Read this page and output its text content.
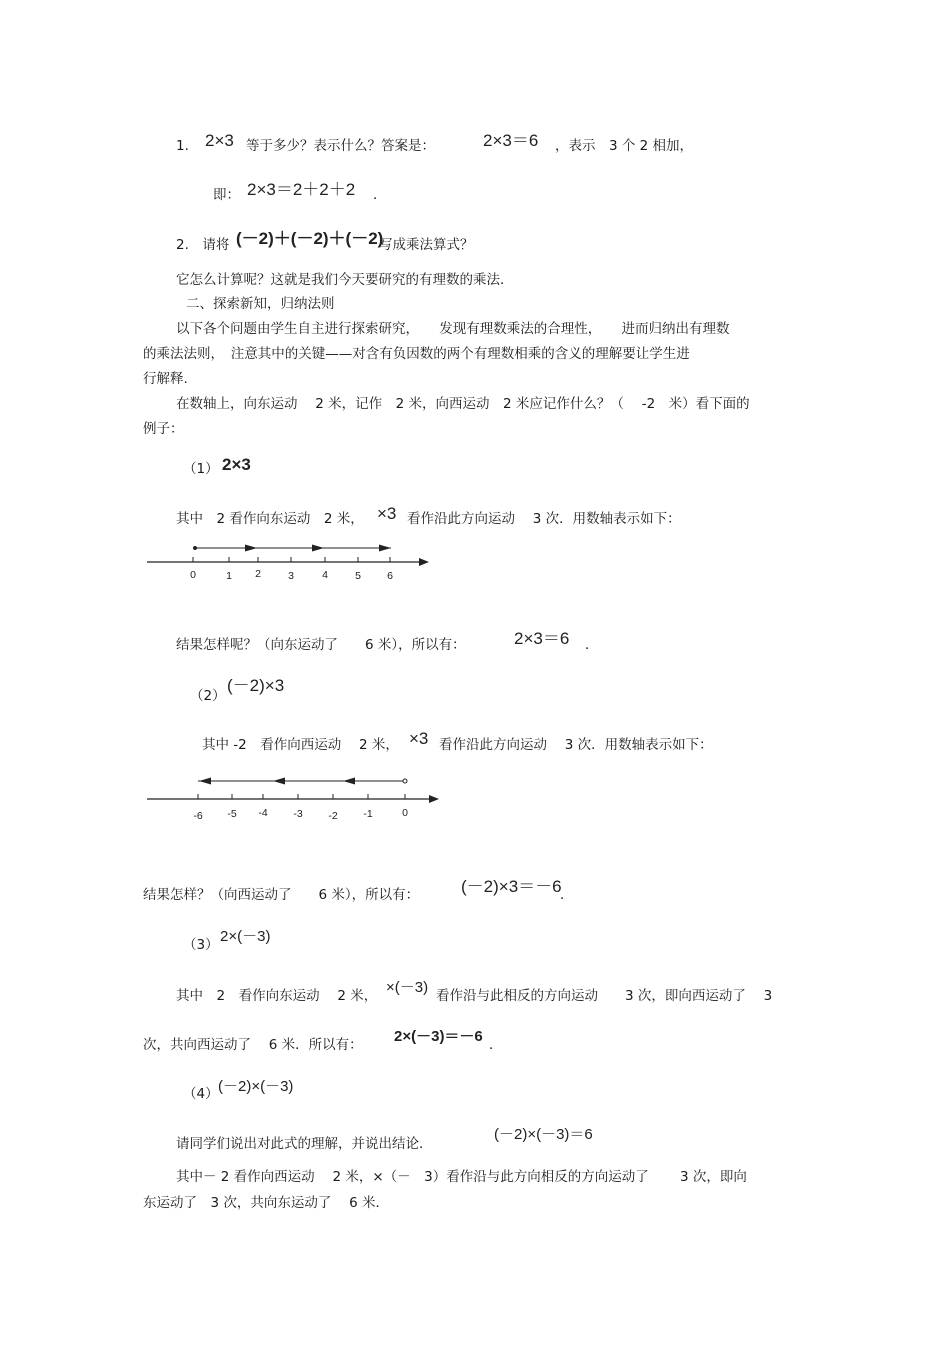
1. 2×3 等于多少？表示什么？答案是：	2×3＝6 ，表示　3 个 2 相加，
即： 2×3＝2＋2＋2 ．
2.　请将 (－2)＋(－2)＋(－2)
写成乘法算式？
它怎么计算呢？这就是我们今天要研究的有理数的乘法．
二、探索新知，归纳法则
以下各个问题由学生自主进行探索研究，　　发现有理数乘法的合理性，　　进而归纳出有理数
的乘法法则，　注意其中的关键——对含有负因数的两个有理数相乘的含义的理解要让学生进
行解释.
在数轴上，向东运动　 2 米，记作　2 米，向西运动　2 米应记作什么？（　 -2　米）看下面的
例子：
（1） 2×3
其中　2 看作向东运动　2 米， ×3 看作沿此方向运动　 3 次．用数轴表示如下：
0	1 2	3	4	5 6
结果怎样呢？（向东运动了　　6 米），所以有：	2×3＝6 ．
（2）
(－2)×3
其中 -2　看作向西运动　 2 米， ×3 看作沿此方向运动　 3 次．用数轴表示如下：
-6 -5 -4 -3 -2 -1	0
结果怎样？（向西运动了　　6 米），所以有： (－2)×3＝－6
．
（3） 2×(－3)
其中　2　看作向东运动　 2 米， ×(－3) 看作沿与此相反的方向运动　　3 次，即向西运动了　 3
次，共向西运动了　 6 米．所以有： 2×(－3)＝－6 ．
（4） (－2)×(－3)
请同学们说出对此式的理解，并说出结论．
(－2)×(－3)＝6
其中－ 2 看作向西运动　 2 米，×（－　3）看作沿与此方向相反的方向运动了　　 3 次，即向
东运动了　3 次，共向东运动了　 6 米．
